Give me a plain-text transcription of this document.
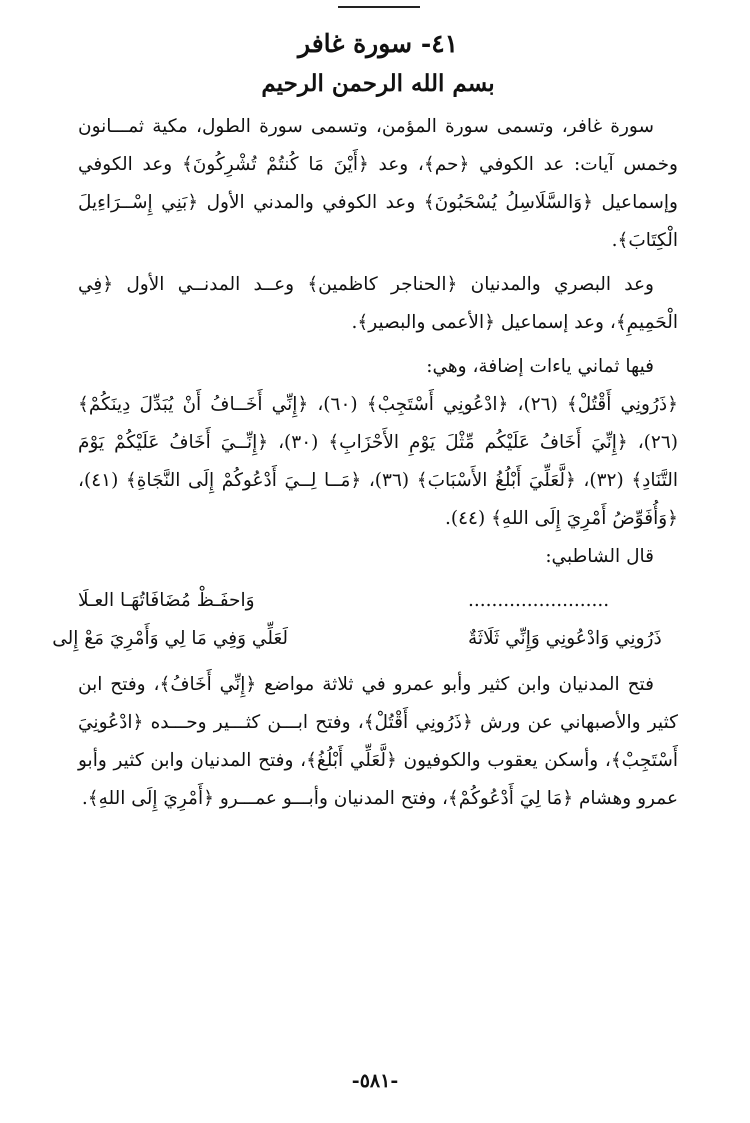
٤١- سورة غافر
بسم الله الرحمن الرحيم

سورة غافر، وتسمى سورة المؤمن، وتسمى سورة الطول، مكية ثمـــانون وخمس آيات: عد الكوفي ﴿حم﴾، وعد ﴿أَيْنَ مَا كُنتُمْ تُشْرِكُونَ﴾ وعد الكوفي وإسماعيل ﴿وَالسَّلَاسِلُ يُسْحَبُونَ﴾ وعد الكوفي والمدني الأول ﴿بَنِي إِسْــرَاءِيلَ الْكِتَابَ﴾.

وعد البصري والمدنيان ﴿الحناجر كاظمين﴾ وعــد المدنــي الأول ﴿فِي الْحَمِيمِ﴾، وعد إسماعيل ﴿الأعمى والبصير﴾.

فيها ثماني ياءات إضافة، وهي:

﴿ذَرُونِي أَقْتُلْ﴾ (٢٦)، ﴿ادْعُونِي أَسْتَجِبْ﴾ (٦٠)، ﴿إِنِّي أَخَــافُ أَنْ يُبَدِّلَ دِينَكُمْ﴾ (٢٦)، ﴿إِنِّيَ أَخَافُ عَلَيْكُم مِّثْلَ يَوْمِ الأَحْزَابِ﴾ (٣٠)، ﴿إِنِّــيَ أَخَافُ عَلَيْكُمْ يَوْمَ التَّنَادِ﴾ (٣٢)، ﴿لَّعَلِّيَ أَبْلُغُ الأَسْبَابَ﴾ (٣٦)، ﴿مَــا لِــيَ أَدْعُوكُمْ إِلَى النَّجَاةِ﴾ (٤١)، ﴿وَأُفَوِّضُ أَمْرِيَ إِلَى اللهِ﴾ (٤٤).

قال الشاطبي:

........................
وَاحفَـظْ مُضَافَاتُهَـا العـلَا
ذَرُونِي وَادْعُونِي وَإِنِّي ثَلَاثَةٌ
لَعَلِّي وَفِي مَا لِي وَأَمْرِيَ مَعْ إِلى

فتح المدنيان وابن كثير وأبو عمرو في ثلاثة مواضع ﴿إِنِّي أَخَافُ﴾، وفتح ابن كثير والأصبهاني عن ورش ﴿ذَرُونِي أَقْتُلْ﴾، وفتح ابـــن كثـــير وحـــده ﴿ادْعُونِيَ أَسْتَجِبْ﴾، وأسكن يعقوب والكوفيون ﴿لَّعَلِّي أَبْلُغُ﴾، وفتح المدنيان وابن كثير وأبو عمرو وهشام ﴿مَا لِيَ أَدْعُوكُمْ﴾، وفتح المدنيان وأبـــو عمـــرو ﴿أَمْرِيَ إِلَى اللهِ﴾.

-٥٨١-
